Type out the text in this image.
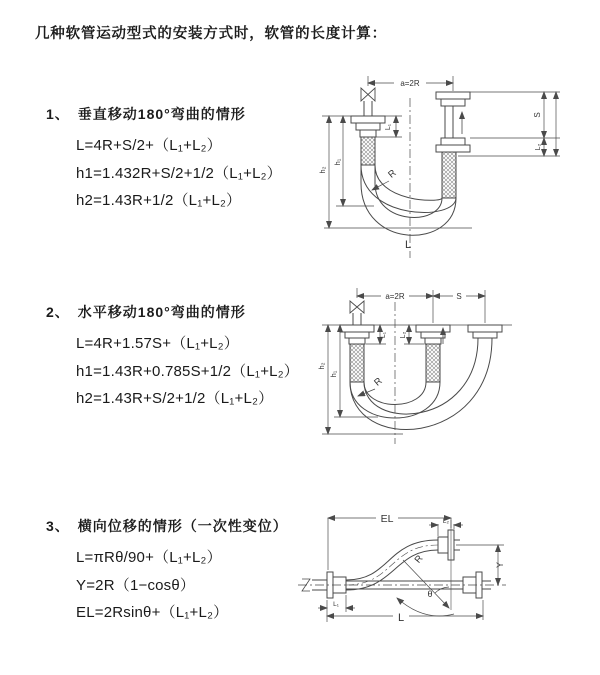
几种软管运动型式的安装方式时，软管的长度计算：
1、 垂直移动180°弯曲的情形
L=4R+S/2+（L₁+L₂）
h1=1.432R+S/2+1/2（L₁+L₂）
h2=1.43R+1/2（L₁+L₂）
2、 水平移动180°弯曲的情形
L=4R+1.57S+（L₁+L₂）
h1=1.43R+0.785S+1/2（L₁+L₂）
h2=1.43R+S/2+1/2（L₁+L₂）
3、 横向位移的情形（一次性变位）
L=πRθ/90+（L₁+L₂）
Y=2R（1−cosθ）
EL=2Rsinθ+（L₁+L₂）
a=2R
L₁
h₁
h₂	R
L
S
L₂
a=2R	S
L₁ L₂
h₂
h₁
R
EL	L₂
Y
θ
R
L₁
L
